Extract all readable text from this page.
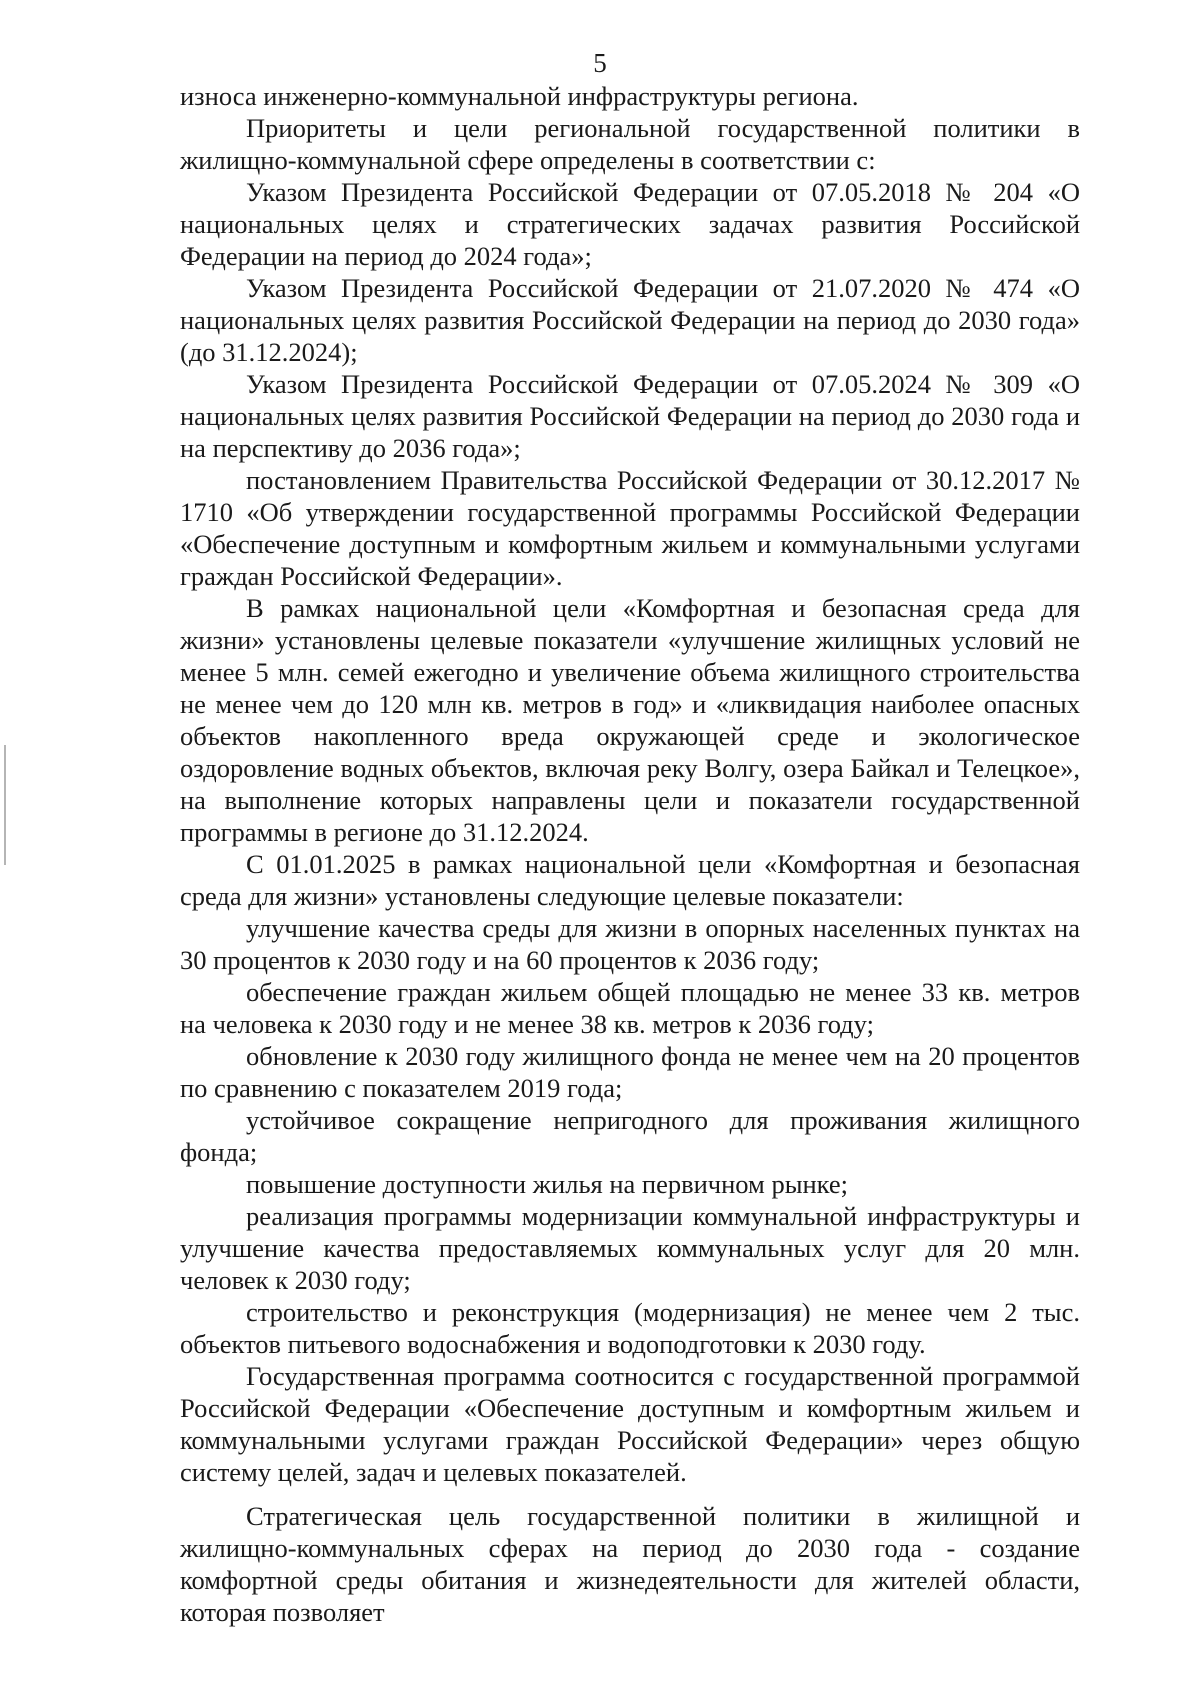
5

износа инженерно-коммунальной инфраструктуры региона.

Приоритеты и цели региональной государственной политики в жилищно-коммунальной сфере определены в соответствии с:

Указом Президента Российской Федерации от 07.05.2018 № 204 «О национальных целях и стратегических задачах развития Российской Федерации на период до 2024 года»;

Указом Президента Российской Федерации от 21.07.2020 № 474 «О национальных целях развития Российской Федерации на период до 2030 года» (до 31.12.2024);

Указом Президента Российской Федерации от 07.05.2024 № 309 «О национальных целях развития Российской Федерации на период до 2030 года и на перспективу до 2036 года»;

постановлением Правительства Российской Федерации от 30.12.2017 № 1710 «Об утверждении государственной программы Российской Федерации «Обеспечение доступным и комфортным жильем и коммунальными услугами граждан Российской Федерации».

В рамках национальной цели «Комфортная и безопасная среда для жизни» установлены целевые показатели «улучшение жилищных условий не менее 5 млн. семей ежегодно и увеличение объема жилищного строительства не менее чем до 120 млн кв. метров в год» и «ликвидация наиболее опасных объектов накопленного вреда окружающей среде и экологическое оздоровление водных объектов, включая реку Волгу, озера Байкал и Телецкое», на выполнение которых направлены цели и показатели государственной программы в регионе до 31.12.2024.

С 01.01.2025 в рамках национальной цели «Комфортная и безопасная среда для жизни» установлены следующие целевые показатели:

улучшение качества среды для жизни в опорных населенных пунктах на 30 процентов к 2030 году и на 60 процентов к 2036 году;

обеспечение граждан жильем общей площадью не менее 33 кв. метров на человека к 2030 году и не менее 38 кв. метров к 2036 году;

обновление к 2030 году жилищного фонда не менее чем на 20 процентов по сравнению с показателем 2019 года;

устойчивое сокращение непригодного для проживания жилищного фонда;

повышение доступности жилья на первичном рынке;

реализация программы модернизации коммунальной инфраструктуры и улучшение качества предоставляемых коммунальных услуг для 20 млн. человек к 2030 году;

строительство и реконструкция (модернизация) не менее чем 2 тыс. объектов питьевого водоснабжения и водоподготовки к 2030 году.

Государственная программа соотносится с государственной программой Российской Федерации «Обеспечение доступным и комфортным жильем и коммунальными услугами граждан Российской Федерации» через общую систему целей, задач и целевых показателей.

Стратегическая цель государственной политики в жилищной и жилищно-коммунальных сферах на период до 2030 года - создание комфортной среды обитания и жизнедеятельности для жителей области, которая позволяет
